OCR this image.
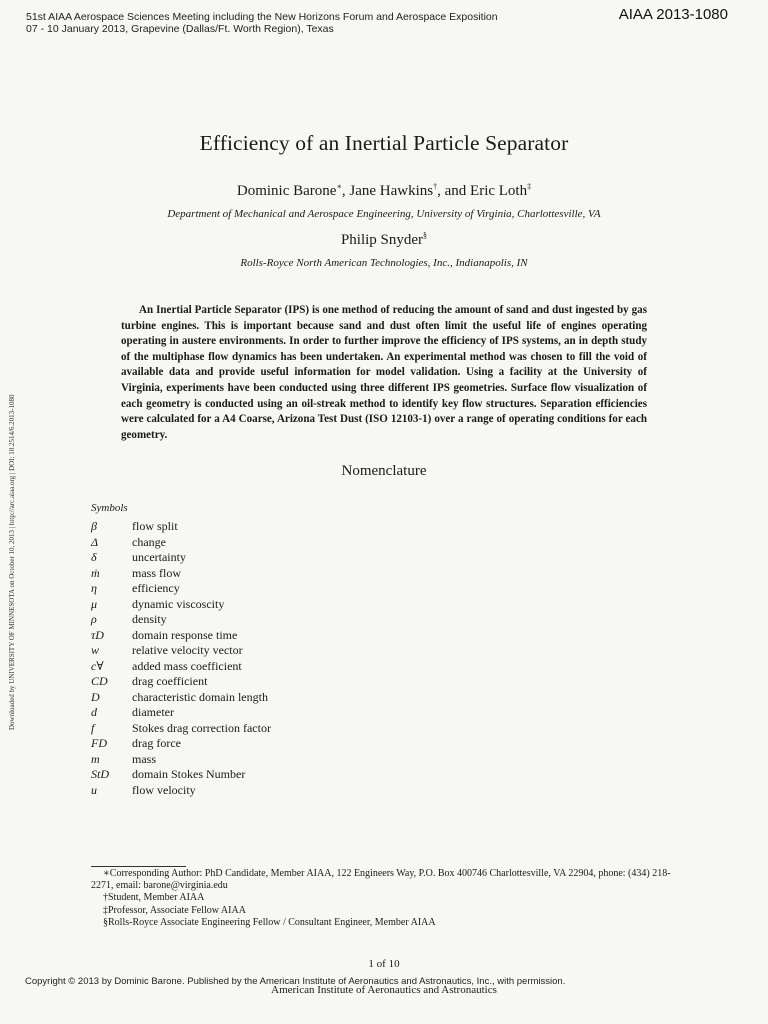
51st AIAA Aerospace Sciences Meeting including the New Horizons Forum and Aerospace Exposition
07 - 10 January 2013, Grapevine (Dallas/Ft. Worth Region), Texas
AIAA 2013-1080
Downloaded by UNIVERSITY OF MINNESOTA on October 10, 2013 | http://arc.aiaa.org | DOI: 10.2514/6.2013-1080
Efficiency of an Inertial Particle Separator
Dominic Barone∗, Jane Hawkins†, and Eric Loth‡
Department of Mechanical and Aerospace Engineering, University of Virginia, Charlottesville, VA
Philip Snyder§
Rolls-Royce North American Technologies, Inc., Indianapolis, IN

An Inertial Particle Separator (IPS) is one method of reducing the amount of sand and dust ingested by gas turbine engines. This is important because sand and dust often limit the useful life of engines operating operating in austere environments. In order to further improve the efficiency of IPS systems, an in depth study of the multiphase flow dynamics has been undertaken. An experimental method was chosen to fill the void of available data and provide useful information for model validation. Using a facility at the University of Virginia, experiments have been conducted using three different IPS geometries. Surface flow visualization of each geometry is conducted using an oil-streak method to identify key flow structures. Separation efficiencies were calculated for a A4 Coarse, Arizona Test Dust (ISO 12103-1) over a range of operating conditions for each geometry.

Nomenclature
Symbols
β	flow split
Δ	change
δ	uncertainty
ṁ	mass flow
η	efficiency
μ	dynamic viscoscity
ρ	density
τD domain response time
w⃗ relative velocity vector
c∀ added mass coefficient
CD drag coefficient
D	characteristic domain length
d	diameter
f	Stokes drag correction factor
FD drag force
m	mass
StD domain Stokes Number
u	flow velocity

∗Corresponding Author: PhD Candidate, Member AIAA, 122 Engineers Way, P.O. Box 400746 Charlottesville, VA 22904, phone: (434) 218-2271, email: barone@virginia.edu

†Student, Member AIAA

‡Professor, Associate Fellow AIAA

§Rolls-Royce Associate Engineering Fellow / Consultant Engineer, Member AIAA

1 of 10
Copyright © 2013 by Dominic Barone. Published by the American Institute of Aeronautics and Astronautics, Inc., with permission.
American Institute of Aeronautics and Astronautics
